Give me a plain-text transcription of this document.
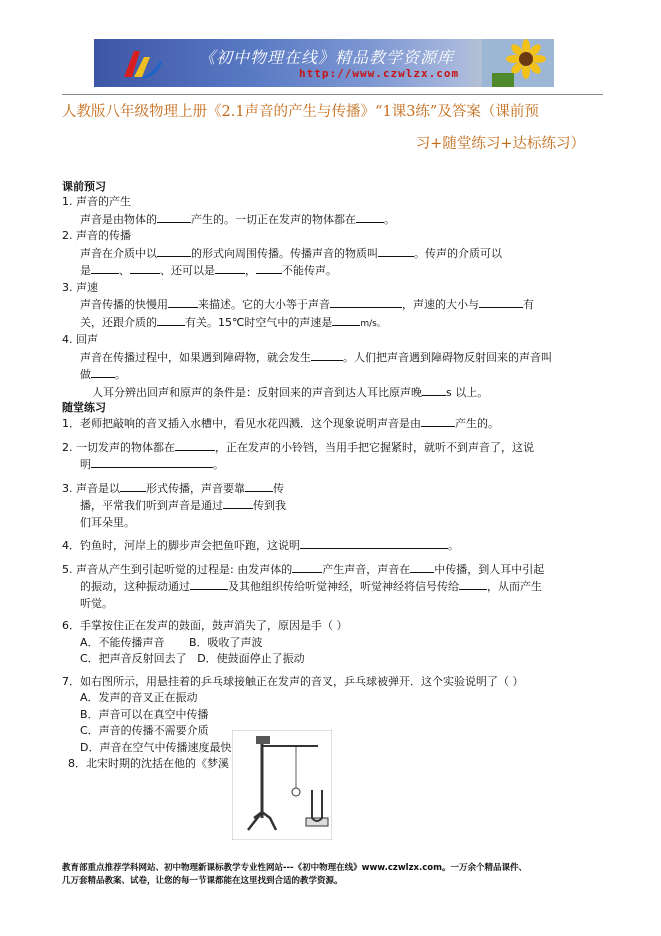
《初中物理在线》精品教学资源库
http://www.czwlzx.com
人教版八年级物理上册《2.1声音的产生与传播》“1课3练”及答案（课前预
习+随堂练习+达标练习）
课前预习
1. 声音的产生
声音是由物体的	产生的。一切正在发声的物体都在	。
2. 声音的传播
声音在介质中以	的形式向周围传播。传播声音的物质叫	。传声的介质可以
是	、	、还可以是	， 不能传声。
3. 声速
声音传播的快慢用	来描述。它的大小等于声音	，声速的大小与	有
关，还跟介质的	有关。15℃时空气中的声速是	m/s。
4. 回声
声音在传播过程中，如果遇到障碍物，就会发生	。人们把声音遇到障碍物反射回来的声音叫
做 。
人耳分辨出回声和原声的条件是：反射回来的声音到达人耳比原声晚 s 以上。
随堂练习
1．老师把敲响的音叉插入水槽中，看见水花四溅．这个现象说明声音是由	产生的。
2. 一切发声的物体都在	，正在发声的小铃铛，当用手把它握紧时，就听不到声音了，这说
明	。
3. 声音是以 形式传播，声音要靠	传
播，平常我们听到声音是通过	传到我
们耳朵里。
4．钓鱼时，河岸上的脚步声会把鱼吓跑，这说明	。
5. 声音从产生到引起听觉的过程是: 由发声体的	产生声音，声音在 中传播，到人耳中引起
的振动，这种振动通过	及其他组织传给听觉神经，听觉神经将信号传给	，从而产生
听觉。
6．手掌按住正在发声的鼓面，鼓声消失了，原因是手（ ）
A．不能传播声音 B．吸收了声波
C．把声音反射回去了 D．使鼓面停止了振动
7．如右图所示，用悬挂着的乒乓球接触正在发声的音叉，乒乓球被弹开．这个实验说明了（ ）
A．发声的音叉正在振动
B．声音可以在真空中传播
C．声音的传播不需要介质
D．声音在空气中传播速度最快
8．北宋时期的沈括在他的《梦溪
教育部重点推荐学科网站、初中物理新课标教学专业性网站---《初中物理在线》www.czwlzx.com。一万余个精品课件、
几万套精品教案、试卷，让您的每一节课都能在这里找到合适的教学资源。
